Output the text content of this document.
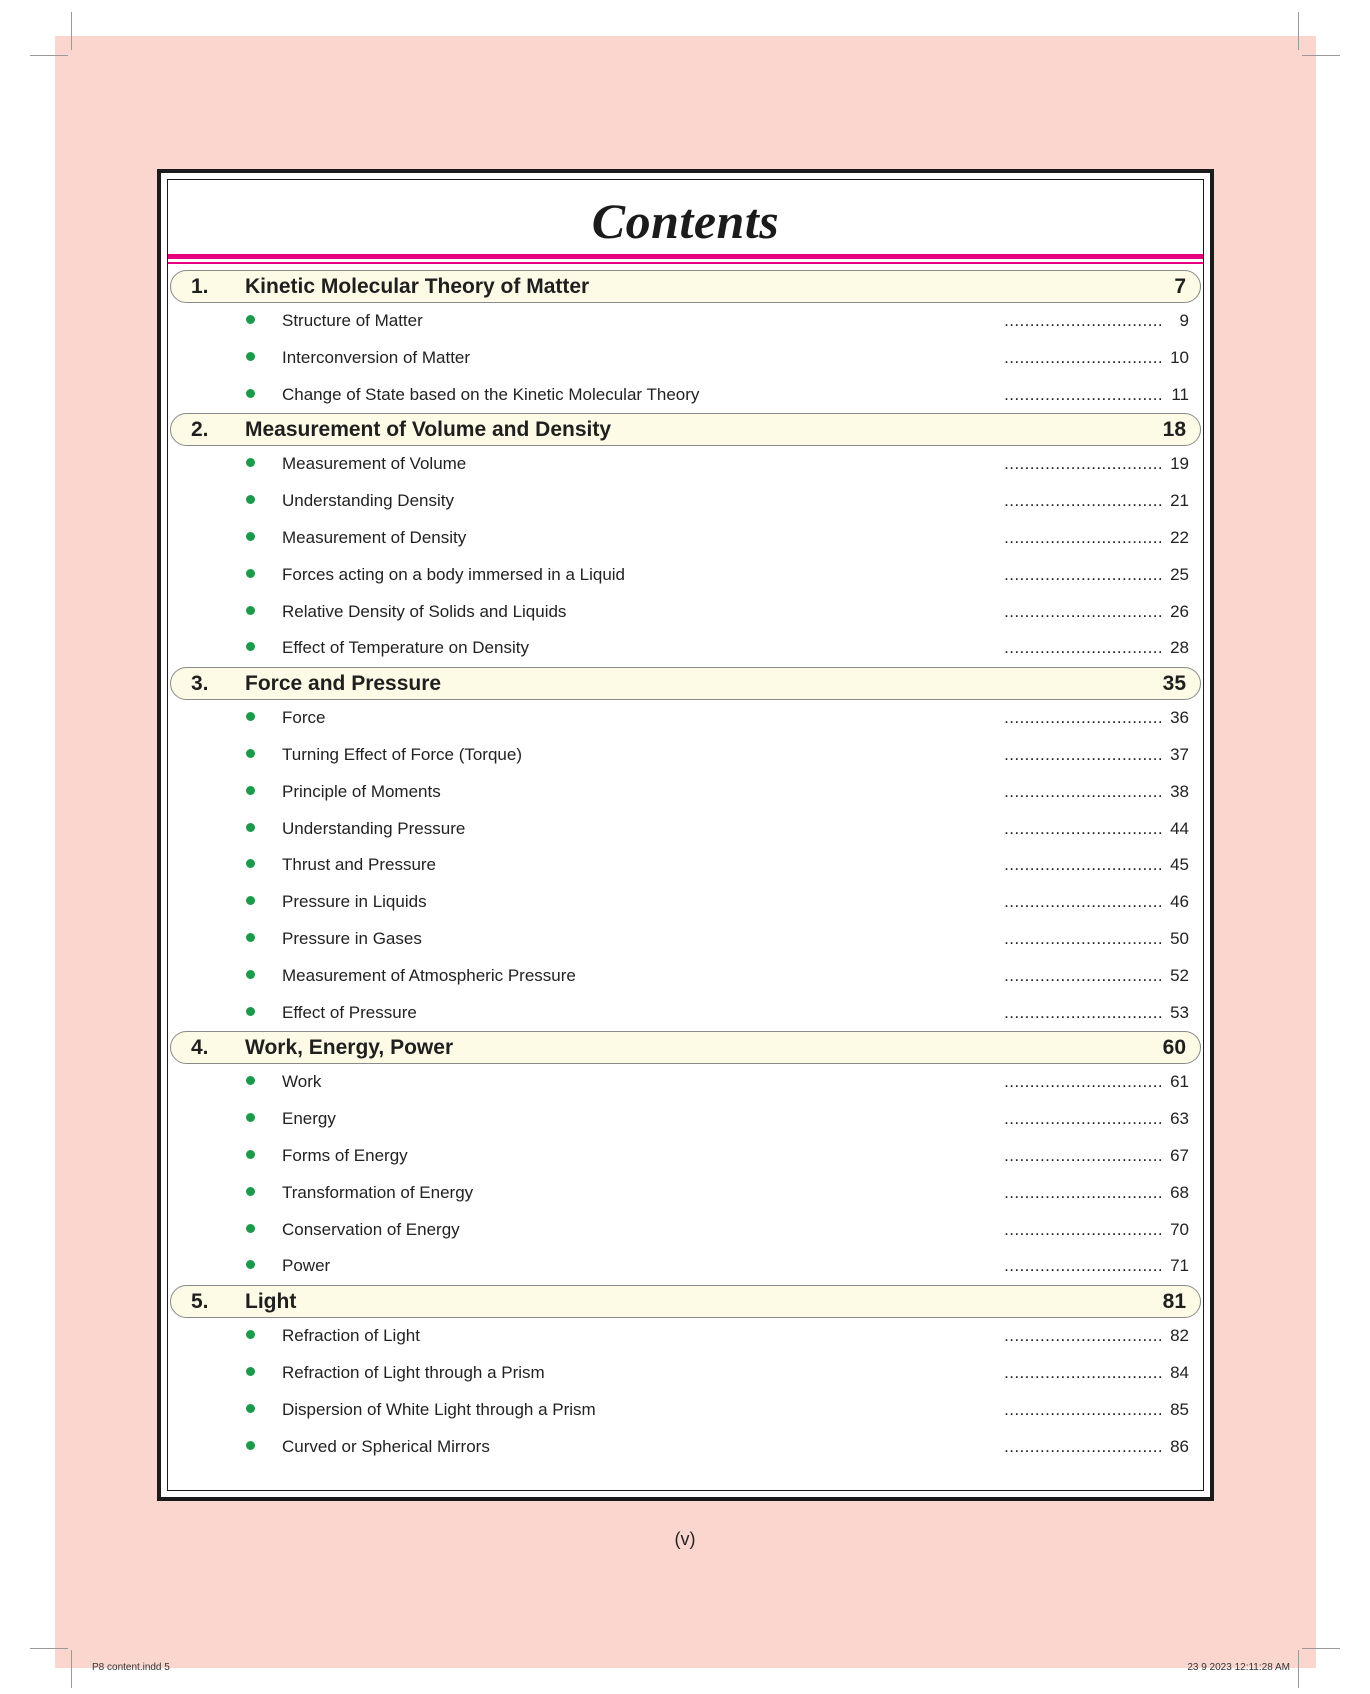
Contents
1. Kinetic Molecular Theory of Matter	7
Structure of Matter	............................... 9
Interconversion of Matter	............................... 10
Change of State based on the Kinetic Molecular Theory	............................... 11
2. Measurement of Volume and Density	18
Measurement of Volume	............................... 19
Understanding Density	............................... 21
Measurement of Density	............................... 22
Forces acting on a body immersed in a Liquid	............................... 25
Relative Density of Solids and Liquids	............................... 26
Effect of Temperature on Density	............................... 28
3. Force and Pressure	35
Force	............................... 36
Turning Effect of Force (Torque)	............................... 37
Principle of Moments	............................... 38
Understanding Pressure	............................... 44
Thrust and Pressure	............................... 45
Pressure in Liquids	............................... 46
Pressure in Gases	............................... 50
Measurement of Atmospheric Pressure	............................... 52
Effect of Pressure	............................... 53
4. Work, Energy, Power	60
Work	............................... 61
Energy	............................... 63
Forms of Energy	............................... 67
Transformation of Energy	............................... 68
Conservation of Energy	............................... 70
Power	............................... 71
5. Light	81
Refraction of Light	............................... 82
Refraction of Light through a Prism	............................... 84
Dispersion of White Light through a Prism	............................... 85
Curved or Spherical Mirrors	............................... 86
(v)
P8 content.indd 5	23 9 2023 12:11:28 AM
